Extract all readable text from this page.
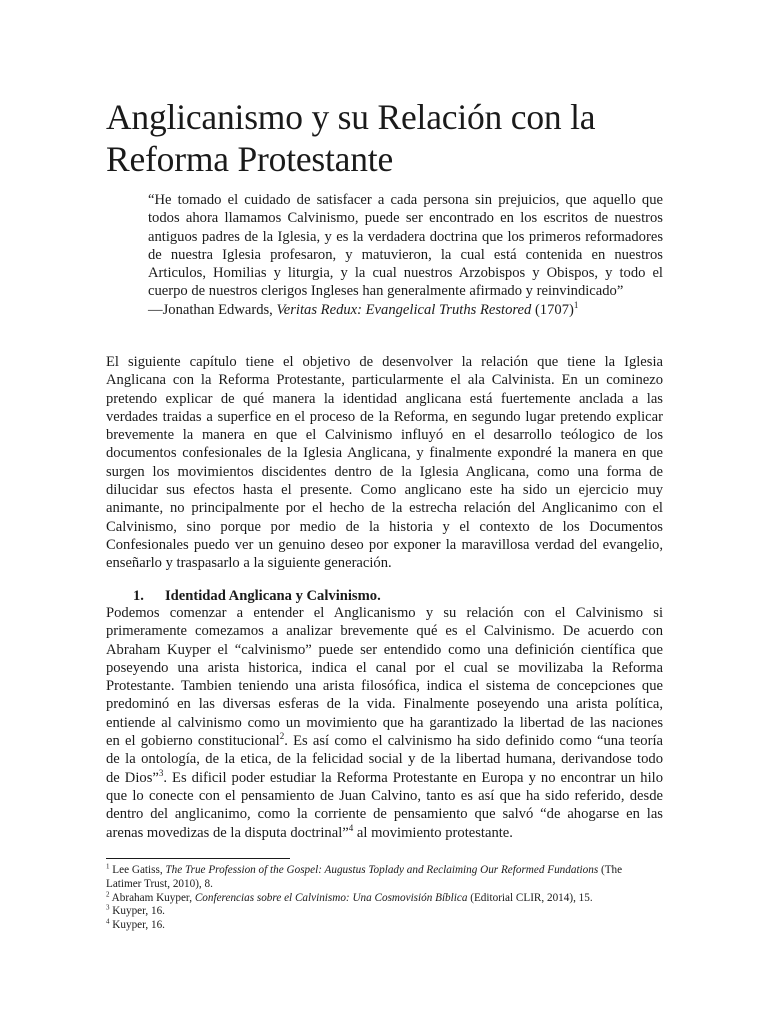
Anglicanismo y su Relación con la
Reforma Protestante
“He tomado el cuidado de satisfacer a cada persona sin prejuicios, que aquello que
todos ahora llamamos Calvinismo, puede ser encontrado en los escritos de nuestros
antiguos padres de la Iglesia, y es la verdadera doctrina que los primeros reformadores
de nuestra Iglesia profesaron, y matuvieron, la cual está contenida en nuestros
Articulos, Homilias y liturgia, y la cual nuestros Arzobispos y Obispos, y todo el
cuerpo de nuestros clerigos Ingleses han generalmente afirmado y reinvindicado”
—Jonathan Edwards, Veritas Redux: Evangelical Truths Restored $(1707)^1$
El siguiente capítulo tiene el objetivo de desenvolver la relación que tiene la Iglesia
Anglicana con la Reforma Protestante, particularmente el ala Calvinista. En un cominezo
pretendo explicar de qué manera la identidad anglicana está fuertemente anclada a las
verdades traidas a superfice en el proceso de la Reforma, en segundo lugar pretendo explicar
brevemente la manera en que el Calvinismo influyó en el desarrollo teólogico de los
documentos confesionales de la Iglesia Anglicana, y finalmente expondré la manera en que
surgen los movimientos discidentes dentro de la Iglesia Anglicana, como una forma de
dilucidar sus efectos hasta el presente. Como anglicano este ha sido un ejercicio muy
animante, no principalmente por el hecho de la estrecha relación del Anglicanimo con el
Calvinismo, sino porque por medio de la historia y el contexto de los Documentos
Confesionales puedo ver un genuino deseo por exponer la maravillosa verdad del evangelio,
enseñarlo y traspasarlo a la siguiente generación.
1. Identidad Anglicana y Calvinismo.
Podemos comenzar a entender el Anglicanismo y su relación con el Calvinismo si
primeramente comezamos a analizar brevemente qué es el Calvinismo. De acuerdo con
Abraham Kuyper el “calvinismo” puede ser entendido como una definición científica que
poseyendo una arista historica, indica el canal por el cual se movilizaba la Reforma
Protestante. Tambien teniendo una arista filosófica, indica el sistema de concepciones que
predominó en las diversas esferas de la vida. Finalmente poseyendo una arista política,
entiende al calvinismo como un movimiento que ha garantizado la libertad de las naciones
en el gobierno constitucional$^2$. Es así como el calvinismo ha sido definido como “una teoría
de la ontología, de la etica, de la felicidad social y de la libertad humana, derivandose todo
de Dios”$^3$. Es dificil poder estudiar la Reforma Protestante en Europa y no encontrar un hilo
que lo conecte con el pensamiento de Juan Calvino, tanto es así que ha sido referido, desde
dentro del anglicanimo, como la corriente de pensamiento que salvó “de ahogarse en las
arenas movedizas de la disputa doctrinal”$^4$ al movimiento protestante.
$^1$ Lee Gatiss, The True Profession of the Gospel: Augustus Toplady and Reclaiming Our Reformed Fundations (The
Latimer Trust, 2010), 8.
$^2$ Abraham Kuyper, Conferencias sobre el Calvinismo: Una Cosmovisión Bíblica (Editorial CLIR, 2014), 15.
$^3$ Kuyper, 16.
$^4$ Kuyper, 16.
